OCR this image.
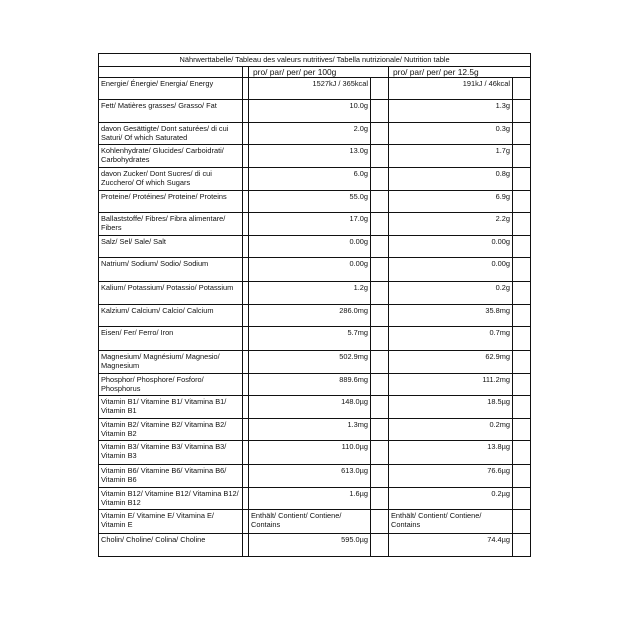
Nährwerttabelle/ Tableau des valeurs nutritives/ Tabella nutrizionale/ Nutrition table					
		pro/ par/ per/ per 100g		pro/ par/ per/ per 12.5g	
Energie/ Énergie/ Energia/ Energy		1527kJ / 365kcal		191kJ / 46kcal	
Fett/ Matières grasses/ Grasso/ Fat		10.0g		1.3g	
davon Gesättigte/ Dont saturées/ di cui Saturi/ Of which Saturated		2.0g		0.3g	
Kohlenhydrate/ Glucides/ Carboidrati/ Carbohydrates		13.0g		1.7g	
davon Zucker/ Dont Sucres/ di cui Zucchero/ Of which Sugars		6.0g		0.8g	
Proteine/ Protéines/ Proteine/ Proteins		55.0g		6.9g	
Ballaststoffe/ Fibres/ Fibra alimentare/ Fibers		17.0g		2.2g	
Salz/ Sel/ Sale/ Salt		0.00g		0.00g	
Natrium/ Sodium/ Sodio/ Sodium		0.00g		0.00g	
Kalium/ Potassium/ Potassio/ Potassium		1.2g		0.2g	
Kalzium/ Calcium/ Calcio/ Calcium		286.0mg		35.8mg	
Eisen/ Fer/ Ferro/ Iron		5.7mg		0.7mg	
Magnesium/ Magnésium/ Magnesio/ Magnesium		502.9mg		62.9mg	
Phosphor/ Phosphore/ Fosforo/ Phosphorus		889.6mg		111.2mg	
Vitamin B1/ Vitamine B1/ Vitamina B1/ Vitamin B1		148.0µg		18.5µg	
Vitamin B2/ Vitamine B2/ Vitamina B2/ Vitamin B2		1.3mg		0.2mg	
Vitamin B3/ Vitamine B3/ Vitamina B3/ Vitamin B3		110.0µg		13.8µg	
Vitamin B6/ Vitamine B6/ Vitamina B6/ Vitamin B6		613.0µg		76.6µg	
Vitamin B12/ Vitamine B12/ Vitamina B12/ Vitamin B12		1.6µg		0.2µg	
Vitamin E/ Vitamine E/ Vitamina E/ Vitamin E		Enthält/ Contient/ Contiene/ Contains		Enthält/ Contient/ Contiene/ Contains	
Cholin/ Choline/ Colina/ Choline		595.0µg		74.4µg	
